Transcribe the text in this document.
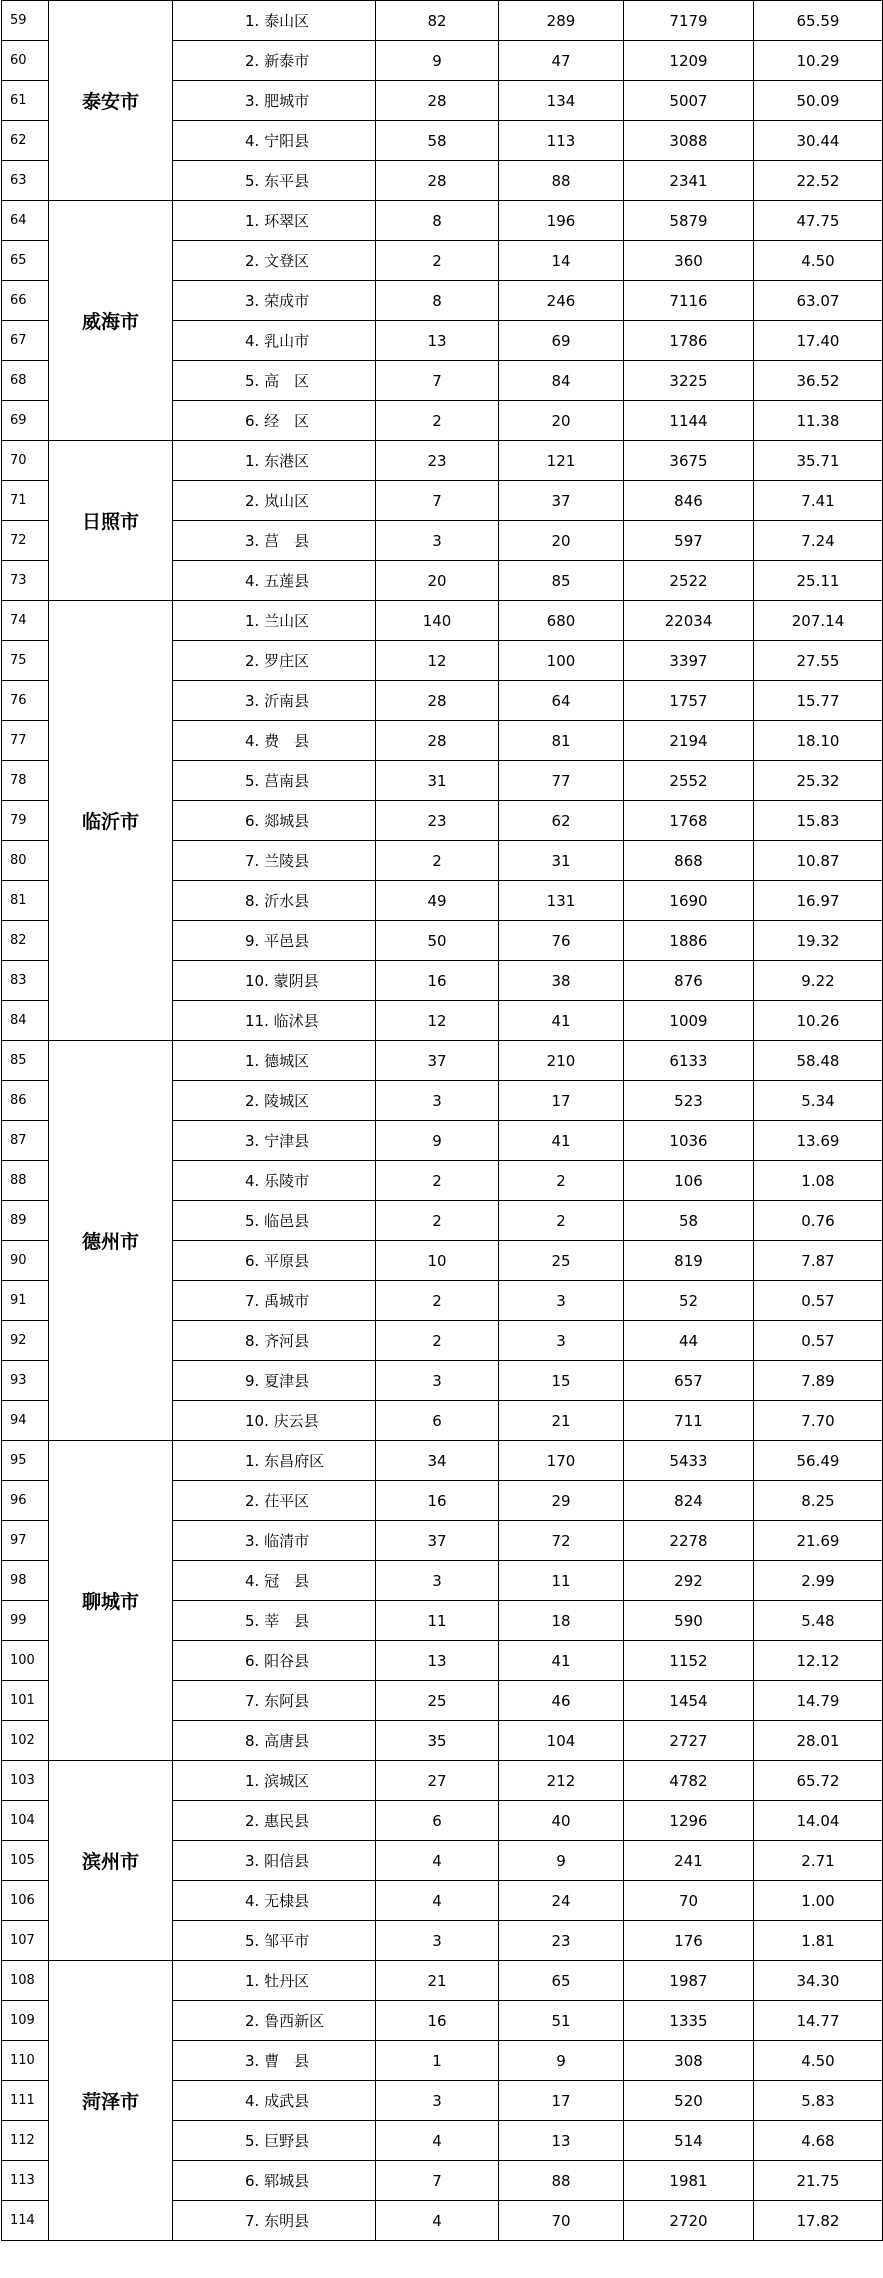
59	泰安市	1. 泰山区	82	289	7179	65.59
60		2. 新泰市	9	47	1209	10.29
61		3. 肥城市	28	134	5007	50.09
62		4. 宁阳县	58	113	3088	30.44
63		5. 东平县	28	88	2341	22.52
64	威海市	1. 环翠区	8	196	5879	47.75
65		2. 文登区	2	14	360	4.50
66		3. 荣成市	8	246	7116	63.07
67		4. 乳山市	13	69	1786	17.40
68		5. 高　区	7	84	3225	36.52
69		6. 经　区	2	20	1144	11.38
70	日照市	1. 东港区	23	121	3675	35.71
71		2. 岚山区	7	37	846	7.41
72		3. 莒　县	3	20	597	7.24
73		4. 五莲县	20	85	2522	25.11
74	临沂市	1. 兰山区	140	680	22034	207.14
75		2. 罗庄区	12	100	3397	27.55
76		3. 沂南县	28	64	1757	15.77
77		4. 费　县	28	81	2194	18.10
78		5. 莒南县	31	77	2552	25.32
79		6. 郯城县	23	62	1768	15.83
80		7. 兰陵县	2	31	868	10.87
81		8. 沂水县	49	131	1690	16.97
82		9. 平邑县	50	76	1886	19.32
83		10. 蒙阴县	16	38	876	9.22
84		11. 临沭县	12	41	1009	10.26
85	德州市	1. 德城区	37	210	6133	58.48
86		2. 陵城区	3	17	523	5.34
87		3. 宁津县	9	41	1036	13.69
88		4. 乐陵市	2	2	106	1.08
89		5. 临邑县	2	2	58	0.76
90		6. 平原县	10	25	819	7.87
91		7. 禹城市	2	3	52	0.57
92		8. 齐河县	2	3	44	0.57
93		9. 夏津县	3	15	657	7.89
94		10. 庆云县	6	21	711	7.70
95	聊城市	1. 东昌府区	34	170	5433	56.49
96		2. 茌平区	16	29	824	8.25
97		3. 临清市	37	72	2278	21.69
98		4. 冠　县	3	11	292	2.99
99		5. 莘　县	11	18	590	5.48
100		6. 阳谷县	13	41	1152	12.12
101		7. 东阿县	25	46	1454	14.79
102		8. 高唐县	35	104	2727	28.01
103	滨州市	1. 滨城区	27	212	4782	65.72
104		2. 惠民县	6	40	1296	14.04
105		3. 阳信县	4	9	241	2.71
106		4. 无棣县	4	24	70	1.00
107		5. 邹平市	3	23	176	1.81
108	菏泽市	1. 牡丹区	21	65	1987	34.30
109		2. 鲁西新区	16	51	1335	14.77
110		3. 曹　县	1	9	308	4.50
111		4. 成武县	3	17	520	5.83
112		5. 巨野县	4	13	514	4.68
113		6. 郓城县	7	88	1981	21.75
114		7. 东明县	4	70	2720	17.82
